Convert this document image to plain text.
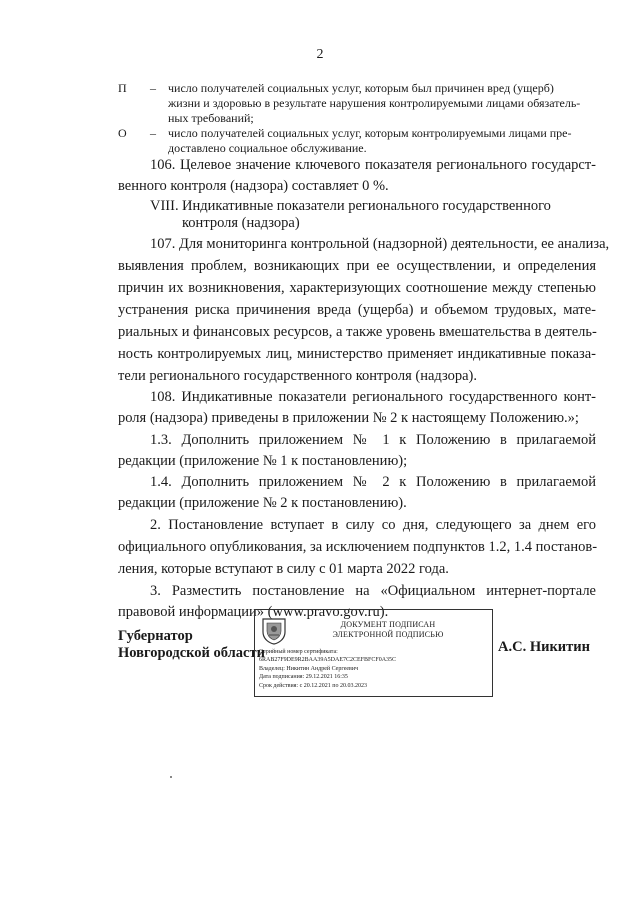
2
П – число получателей социальных услуг, которым был причинен вред (ущерб)
жизни и здоровью в результате нарушения контролируемыми лицами обязатель-
ных требований;
О – число получателей социальных услуг, которым контролируемыми лицами пре-
доставлено социальное обслуживание.
106. Целевое значение ключевого показателя регионального государст-
венного контроля (надзора) составляет 0 %.
VIII. Индикативные показатели регионального государственного
контроля (надзора)
107. Для мониторинга контрольной (надзорной) деятельности, ее анализа,
выявления проблем, возникающих при ее осуществлении, и определения
причин их возникновения, характеризующих соотношение между степенью
устранения риска причинения вреда (ущерба) и объемом трудовых, мате-
риальных и финансовых ресурсов, а также уровень вмешательства в деятель-
ность контролируемых лиц, министерство применяет индикативные показа-
тели регионального государственного контроля (надзора).
108. Индикативные показатели регионального государственного конт-
роля (надзора) приведены в приложении № 2 к настоящему Положению.»;
1.3. Дополнить приложением № 1 к Положению в прилагаемой
редакции (приложение № 1 к постановлению);
1.4. Дополнить приложением № 2 к Положению в прилагаемой
редакции (приложение № 2 к постановлению).
2. Постановление вступает в силу со дня, следующего за днем его
официального опубликования, за исключением подпунктов 1.2, 1.4 постанов-
ления, которые вступают в силу с 01 марта 2022 года.
3. Разместить постановление на «Официальном интернет-портале
правовой информации» (www.pravo.gov.ru).
Губернатор
Новгородской области
ДОКУМЕНТ ПОДПИСАН
ЭЛЕКТРОННОЙ ПОДПИСЬЮ
Серийный номер сертификата:
6RAB27F9DE9R2BAA39A5DAE7C2CEFBFCF0A35C
Владелец: Никитин Андрей Сергеевич
Дата подписания: 29.12.2021 16:35
Срок действия: с 20.12.2021 по 20.03.2023
А.С. Никитин
